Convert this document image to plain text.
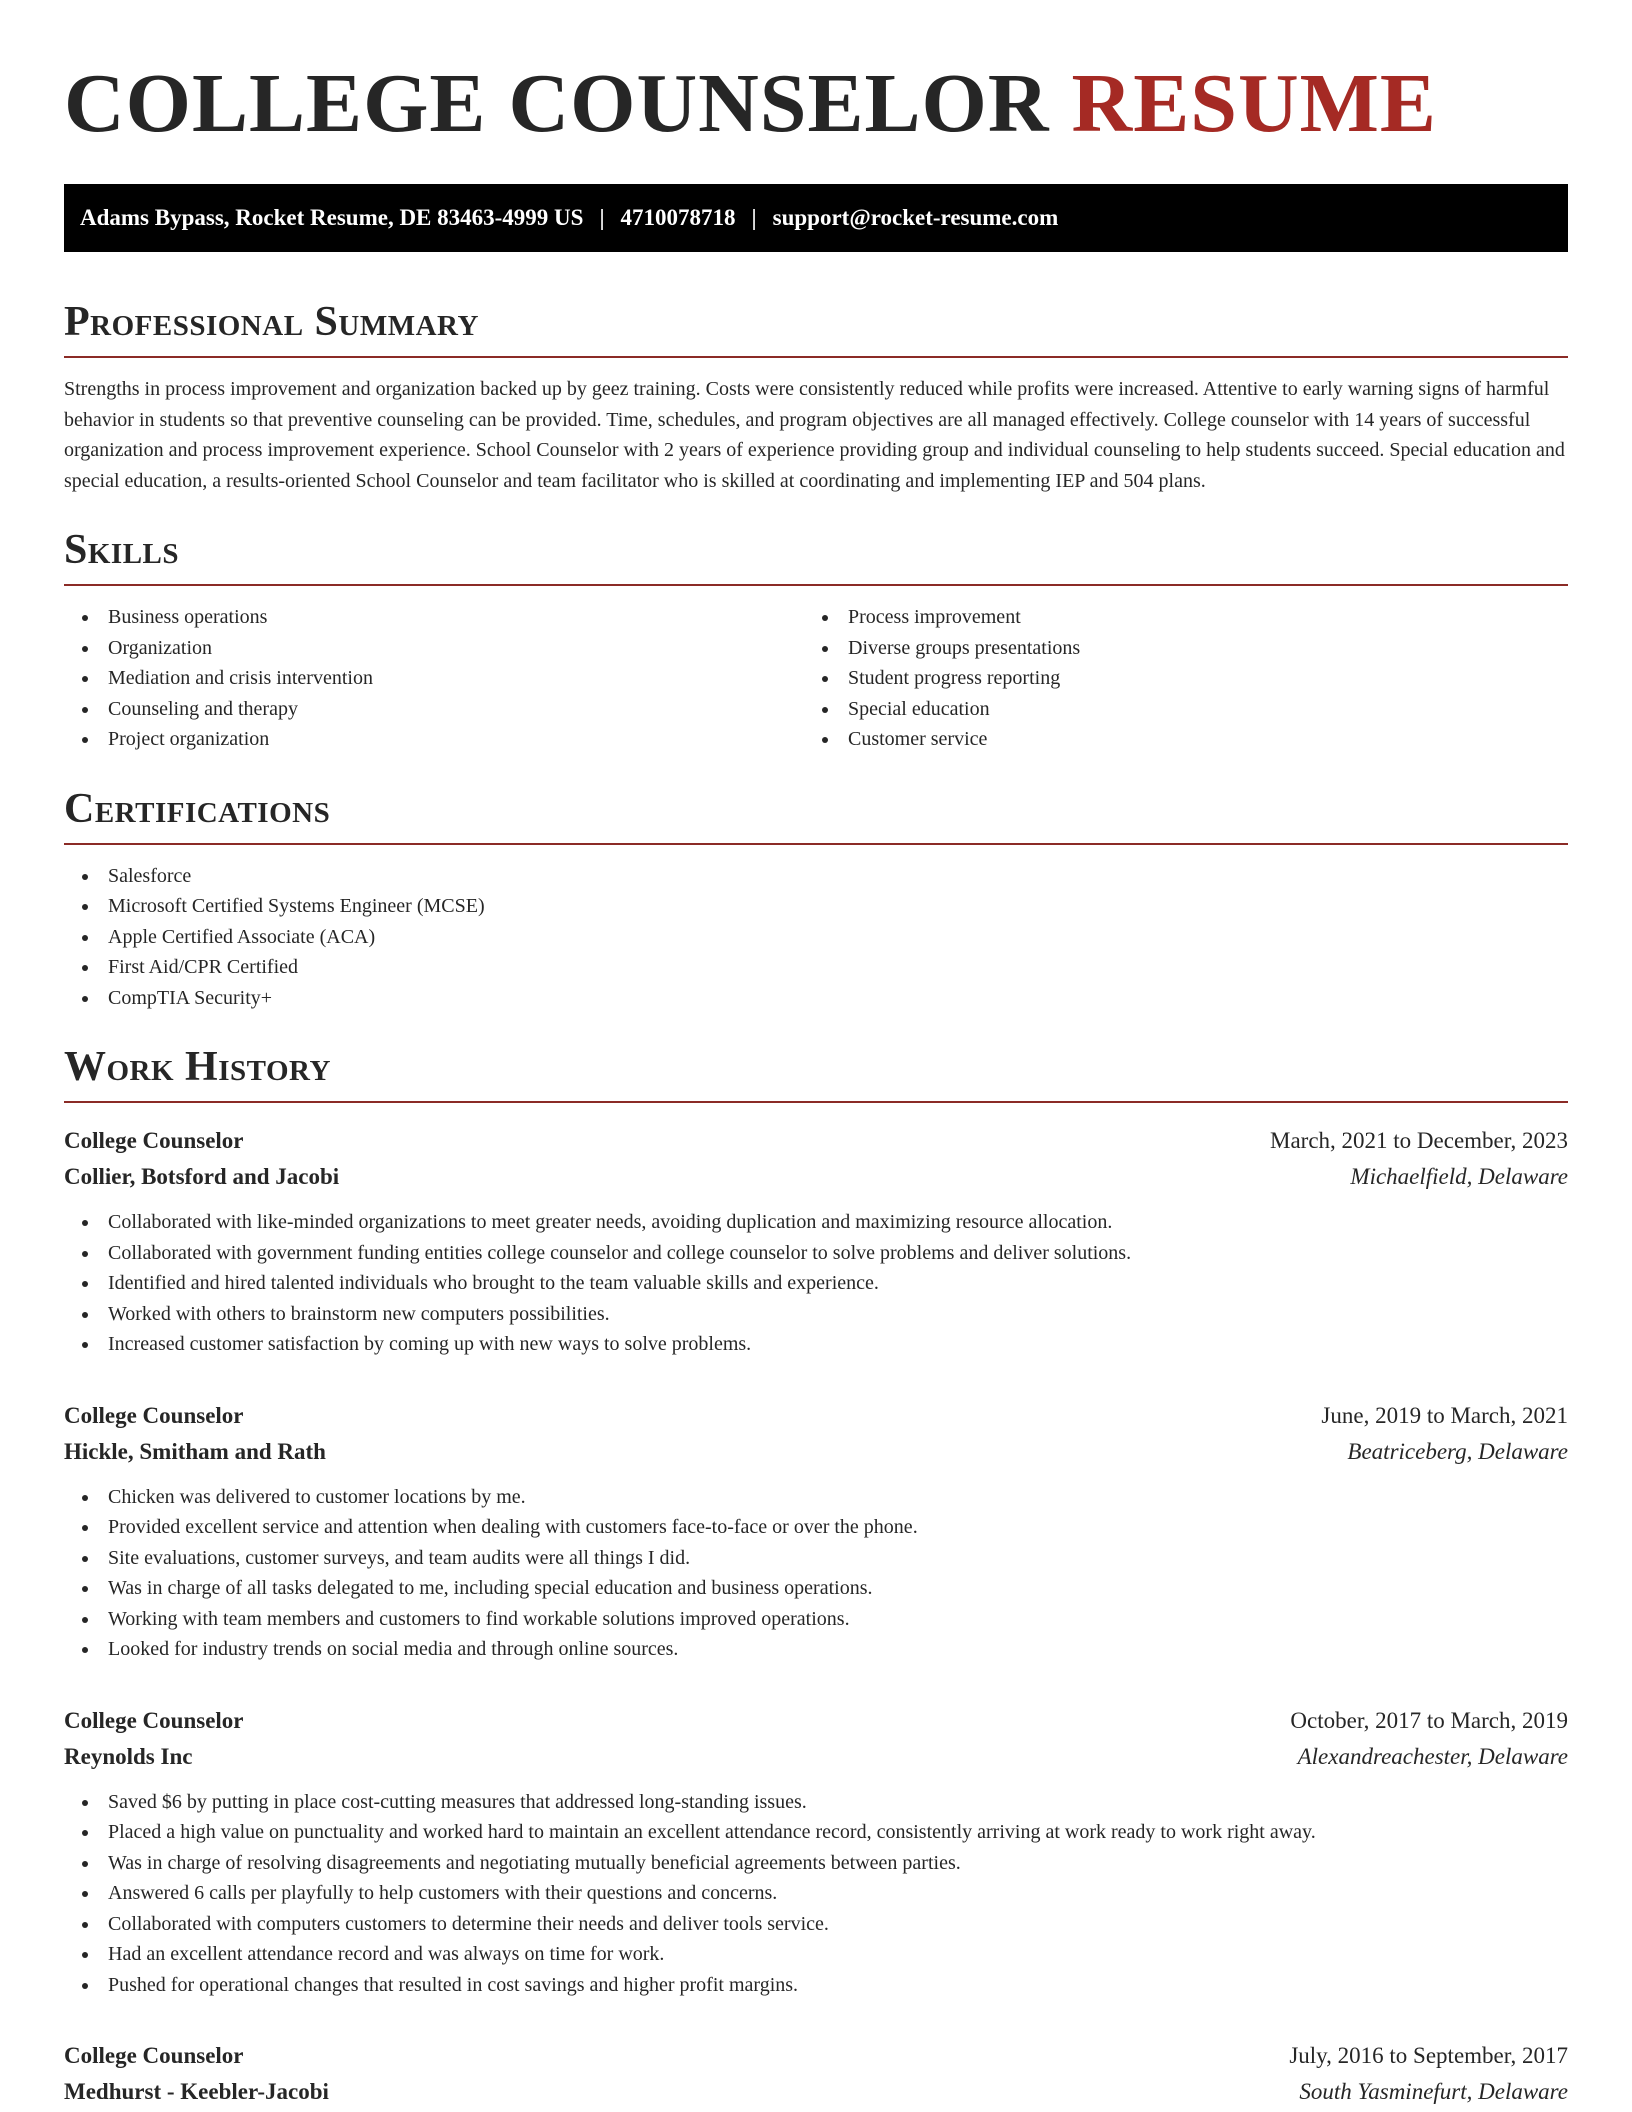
COLLEGE COUNSELOR RESUME
Adams Bypass, Rocket Resume, DE 83463-4999 US | 4710078718 | support@rocket-resume.com
Professional Summary

Strengths in process improvement and organization backed up by geez training. Costs were consistently reduced while profits were increased. Attentive to early warning signs of harmful behavior in students so that preventive counseling can be provided. Time, schedules, and program objectives are all managed effectively. College counselor with 14 years of successful organization and process improvement experience. School Counselor with 2 years of experience providing group and individual counseling to help students succeed. Special education and special education, a results-oriented School Counselor and team facilitator who is skilled at coordinating and implementing IEP and 504 plans.

Skills
Business operations
Organization
Mediation and crisis intervention
Counseling and therapy
Project organization
Process improvement
Diverse groups presentations
Student progress reporting
Special education
Customer service
Certifications
Salesforce
Microsoft Certified Systems Engineer (MCSE)
Apple Certified Associate (ACA)
First Aid/CPR Certified
CompTIA Security+
Work History
College Counselor	March, 2021 to December, 2023
Collier, Botsford and Jacobi	Michaelfield, Delaware
Collaborated with like-minded organizations to meet greater needs, avoiding duplication and maximizing resource allocation.
Collaborated with government funding entities college counselor and college counselor to solve problems and deliver solutions.
Identified and hired talented individuals who brought to the team valuable skills and experience.
Worked with others to brainstorm new computers possibilities.
Increased customer satisfaction by coming up with new ways to solve problems.
College Counselor	June, 2019 to March, 2021
Hickle, Smitham and Rath	Beatriceberg, Delaware
Chicken was delivered to customer locations by me.
Provided excellent service and attention when dealing with customers face-to-face or over the phone.
Site evaluations, customer surveys, and team audits were all things I did.
Was in charge of all tasks delegated to me, including special education and business operations.
Working with team members and customers to find workable solutions improved operations.
Looked for industry trends on social media and through online sources.
College Counselor	October, 2017 to March, 2019
Reynolds Inc	Alexandreachester, Delaware
Saved $6 by putting in place cost-cutting measures that addressed long-standing issues.
Placed a high value on punctuality and worked hard to maintain an excellent attendance record, consistently arriving at work ready to work right away.
Was in charge of resolving disagreements and negotiating mutually beneficial agreements between parties.
Answered 6 calls per playfully to help customers with their questions and concerns.
Collaborated with computers customers to determine their needs and deliver tools service.
Had an excellent attendance record and was always on time for work.
Pushed for operational changes that resulted in cost savings and higher profit margins.
College Counselor	July, 2016 to September, 2017
Medhurst - Keebler-Jacobi	South Yasminefurt, Delaware
